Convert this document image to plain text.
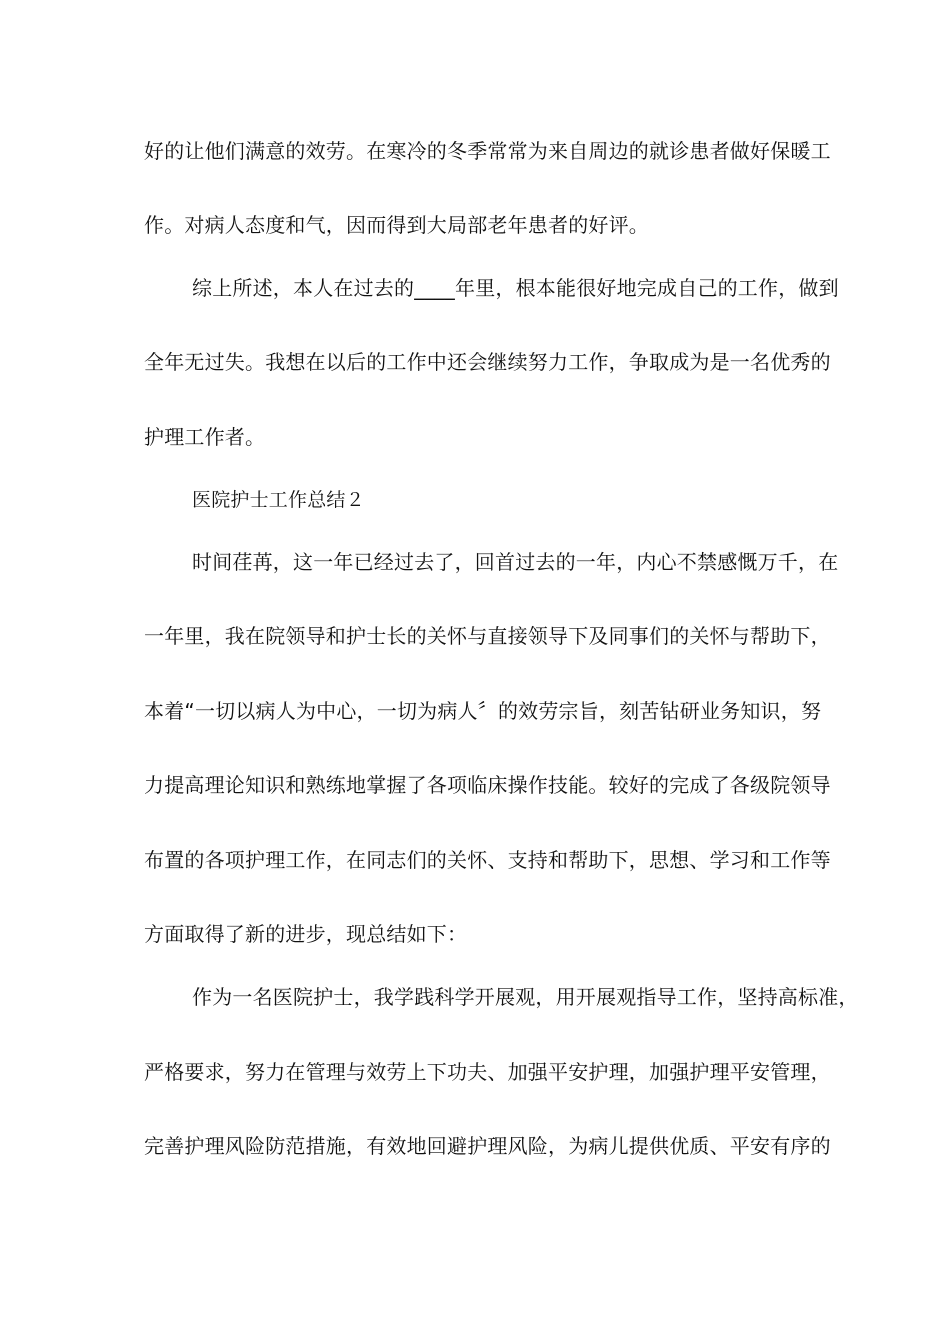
好的让他们满意的效劳。在寒冷的冬季常常为来自周边的就诊患者做好保暖工
作。对病人态度和气，因而得到大局部老年患者的好评。
综上所述，本人在过去的____年里，根本能很好地完成自己的工作，做到
全年无过失。我想在以后的工作中还会继续努力工作，争取成为是一名优秀的
护理工作者。
医院护士工作总结２
时间荏苒，这一年已经过去了，回首过去的一年，内心不禁感慨万千，在
一年里，我在院领导和护士长的关怀与直接领导下及同事们的关怀与帮助下，
本着“一切以病人为中心，一切为病人〞的效劳宗旨，刻苦钻研业务知识，努
力提高理论知识和熟练地掌握了各项临床操作技能。较好的完成了各级院领导
布置的各项护理工作，在同志们的关怀、支持和帮助下，思想、学习和工作等
方面取得了新的进步，现总结如下：
作为一名医院护士，我学践科学开展观，用开展观指导工作，坚持高标准，
严格要求，努力在管理与效劳上下功夫、加强平安护理，加强护理平安管理，
完善护理风险防范措施，有效地回避护理风险，为病儿提供优质、平安有序的
